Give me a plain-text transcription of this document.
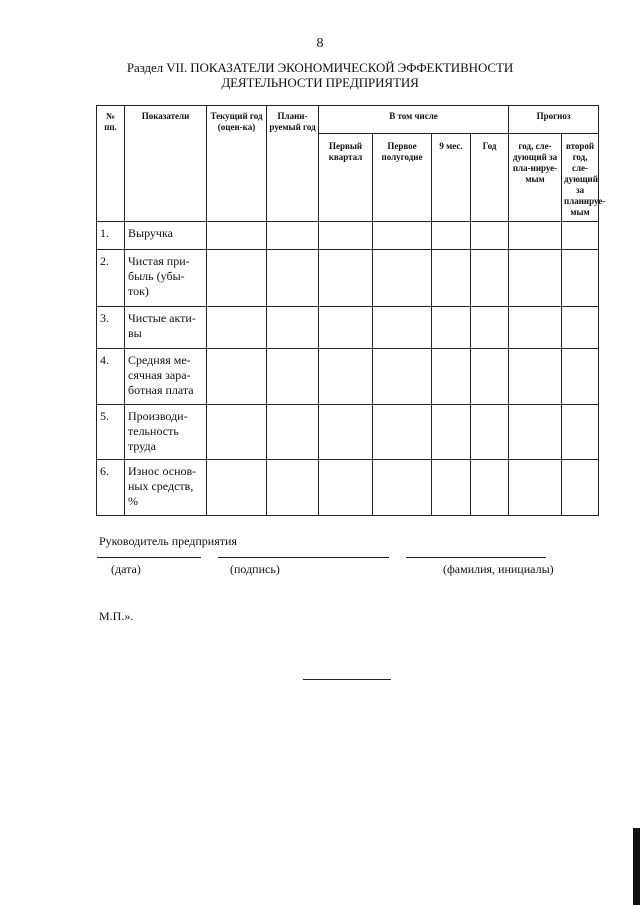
8
Раздел VII. ПОКАЗАТЕЛИ ЭКОНОМИЧЕСКОЙ ЭФФЕКТИВНОСТИ
ДЕЯТЕЛЬНОСТИ ПРЕДПРИЯТИЯ
№ пп.	Показатели	Текущий год (оцен-ка)	Плани-руемый год	В том числе				Прогноз	
				Первый квартал	Первое полугодие	9 мес.	Год	год, сле-дующий за пла-нируе-мым	второй год, сле-дующий за планируе-мым
1.	Выручка								
2.	Чистая при-быль (убы-ток)								
3.	Чистые акти-вы								
4.	Средняя ме-сячная зара-ботная плата								
5.	Производи-тельность труда								
6.	Износ основ-ных средств, %								
Руководитель предприятия
(дата)	(подпись)	(фамилия, инициалы)
М.П.».
